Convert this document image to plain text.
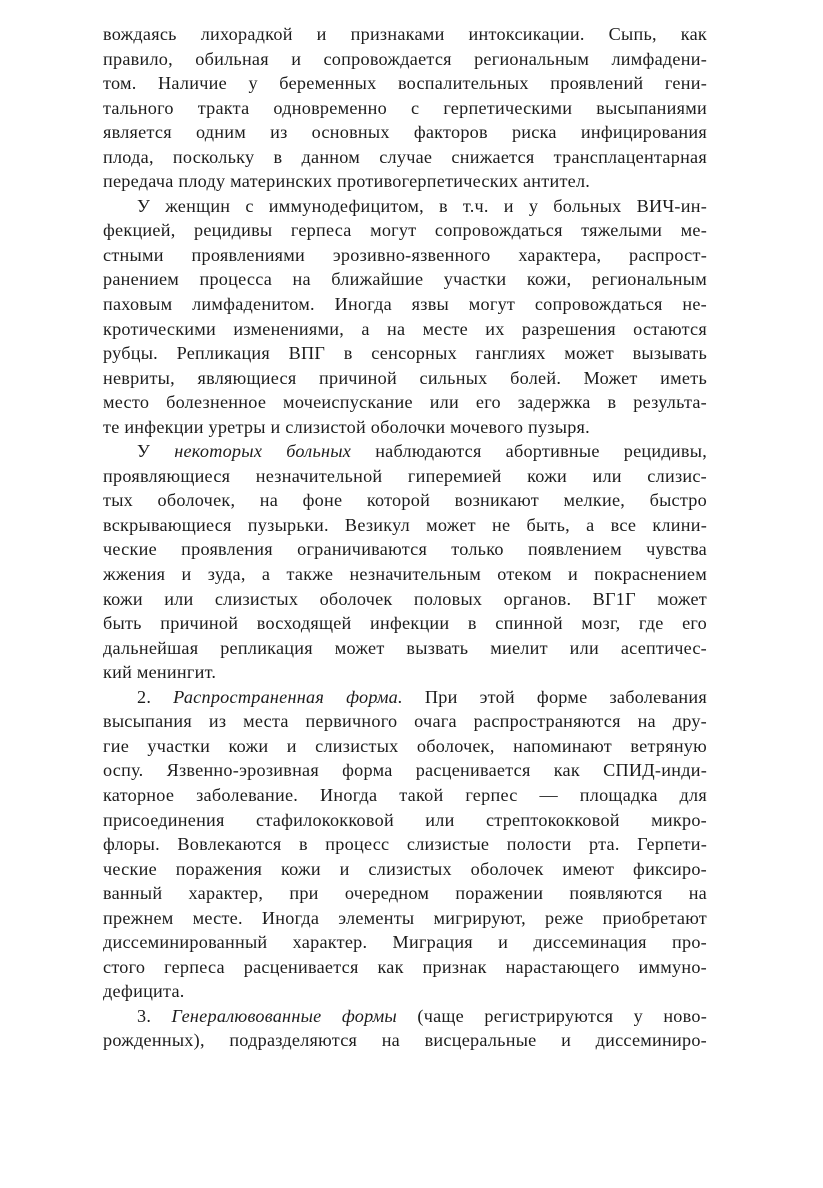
вождаясь лихорадкой и признаками интоксикации. Сыпь, как
правило, обильная и сопровождается регионaльным лимфадени-
том. Наличие у беременных воспалительных проявлений гени-
тального тракта одновременно с герпетическими высыпаниями
является одним из основных факторов риска инфицирования
плода, поскольку в данном случае снижается трансплацентарная
передача плоду материнских противогерпетических антител.
У женщин с иммунодефицитом, в т.ч. и у больных ВИЧ-ин-
фекцией, рецидивы герпеса могут сопровождаться тяжелыми ме-
стными проявлениями эрозивно-язвенного характера, распрост-
ранением процесса на ближайшие участки кожи, регионaльным
паховым лимфаденитом. Иногда язвы могут сопровождаться не-
кротическими изменениями, а на месте их разрешения остаются
рубцы. Репликация ВПГ в сенсорных ганглиях может вызывать
невриты, являющиеся причиной сильных болей. Может иметь
место болезненное мочеиспускание или его задержка в результа-
те инфекции уретры и слизистой оболочки мочевого пузыря.
У некоторых больных наблюдаются абортивные рецидивы,
проявляющиеся незначительной гиперемией кожи или слизис-
тых оболочек, на фоне которой возникают мелкие, быстро
вскрывающиеся пузырьки. Везикул может не быть, а все клини-
ческие проявления ограничиваются только появлением чувства
жжения и зуда, а также незначительным отеком и покраснением
кожи или слизистых оболочек половых органов. ВГ1Г может
быть причиной восходящей инфекции в спинной мозг, где его
дальнейшая репликация может вызвать миелит или асептичес-
кий менингит.
2. Распространенная форма. При этой форме заболевания
высыпания из места первичного очага распространяются на дру-
гие участки кожи и слизистых оболочек, напоминают ветряную
оспу. Язвенно-эрозивная форма расценивается как СПИД-инди-
каторное заболевание. Иногда такой герпес — площадка для
присоединения стафилококковой или стрептококковой микро-
флоры. Вовлекаются в процесс слизистые полости рта. Герпети-
ческие поражения кожи и слизистых оболочек имеют фиксиро-
ванный характер, при очередном поражении появляются на
прежнем месте. Иногда элементы мигрируют, реже приобретают
диссеминированный характер. Миграция и диссеминация про-
стого герпеса расценивается как признак нарастающего иммуно-
дефицита.
3. Генералювованные формы (чаще регистрируются у ново-
рожденных), подразделяются на висцеральные и диссеминиро-
